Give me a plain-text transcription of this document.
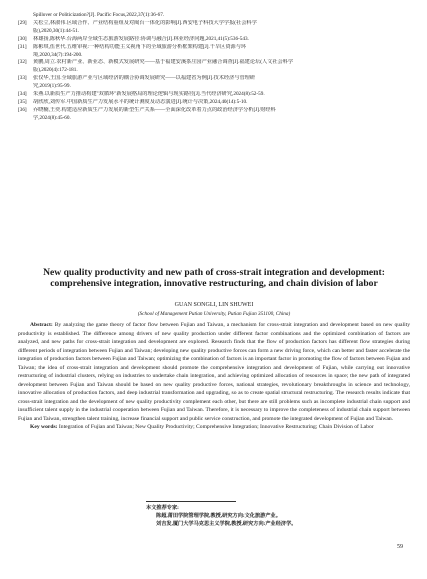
Spillover or Politicization?[J]. Pacific Focus,2022,37(1):36-67.
[29] 关松立,林淑伟.区域合作、产业结构重组及对闽台一体化的影响[J].西安电子科技大学学报(社会科学
版),2020,30(1):44-51.
[30] 林雄扬,陈秋华.台海两岸全域生态旅游发展路径:协调与融合[J].林业经济问题,2021,41(5):536-543.
[31] 陈彬琪,伍世代.五维审视:一种结构功能主义视角下的全域旅游分析框架构建[J].干旱区资源与环
境,2020,34(7):194-200.
[32] 黄鹏,周立.农村新产业、新业态、新模式发展研究——基于福建安溪茶庄园产业融合调查[J].福建论坛(人文社会科学
版),2020(4):172-181.
[33] 张仅华,王国.全域旅游产业与区域经济的耦合协调发展研究——以福建省为例[J].技术经济与管理研
究,2019(1):95-99.
[34] 朱燕.以新质生产力推动构建"双循环"新发展格局的理论逻辑与现实路径[J].当代经济研究,2024(8):52-59.
[35] 胡欣欣,刘传军.中国新质生产力发展水平的统计测度及动态演进[J].统计与决策,2024,40(14):5-10.
[36] 乔晓楠,王奕.构建适应新质生产力发展的新型生产关系——全面深化改革着力点的政治经济学分析[J].财经科
学,2024(8):45-60.
New quality productivity and new path of cross-strait integration and development: comprehensive integration, innovative restructuring, and chain division of labor
GUAN SONGLI, LIN SHUWEI
(School of Management Putian University, Putian Fujian 351100, China)

Abstract: By analyzing the game theory of factor flow between Fujian and Taiwan, a mechanism for cross-strait integration and development based on new quality productivity is established. The difference among drivers of new quality production under different factor combinations and the optimized combination of factors are analyzed, and new paths for cross-strait integration and development are explored. Research finds that the flow of production factors has different flow strategies during different periods of integration between Fujian and Taiwan; developing new quality productive forces can form a new driving force, which can better and faster accelerate the integration of production factors between Fujian and Taiwan; optimizing the combination of factors is an important factor in promoting the flow of factors between Fujian and Taiwan; the idea of cross-strait integration and development should promote the comprehensive integration and development of Fujian, while carrying out innovative restructuring of industrial clusters, relying on industries to undertake chain integration, and achieving optimized allocation of resources in space; the new path of integrated development between Fujian and Taiwan should be based on new quality productive forces, national strategies, revolutionary breakthroughs in science and technology, innovative allocation of production factors, and deep industrial transformation and upgrading, so as to create spatial structural restructuring. The research results indicate that cross-strait integration and the development of new quality productivity complement each other, but there are still problems such as incomplete industrial chain support and insufficient talent supply in the industrial cooperation between Fujian and Taiwan. Therefore, it is necessary to improve the completeness of industrial chain support between Fujian and Taiwan, strengthen talent training, increase financial support and public service construction, and promote the integrated development of Fujian and Taiwan.

Key words: Integration of Fujian and Taiwan; New Quality Productivity; Comprehensive Integration; Innovative Restructuring; Chain Division of Labor

本文推荐专家:
陈超,莆田学院管理学院,教授,研究方向:文化旅游产业。
刘吉发,厦门大学马克思主义学院,教授,研究方向:产业经济学。
59
